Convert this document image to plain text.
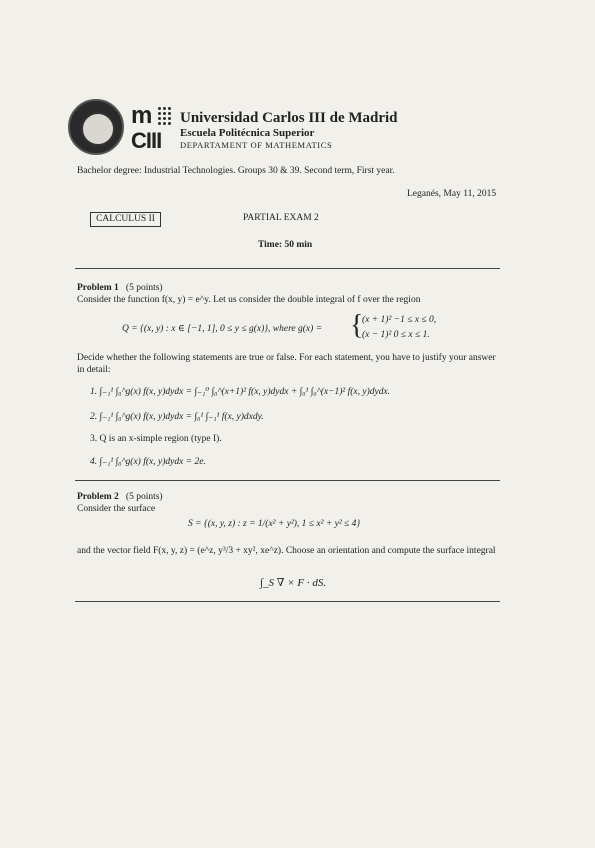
m
CIII
Universidad Carlos III de Madrid
Escuela Politécnica Superior
DEPARTAMENT OF MATHEMATICS
Bachelor degree: Industrial Technologies. Groups 30 & 39. Second term, First year.
Leganés, May 11, 2015
CALCULUS II	PARTIAL EXAM 2
Time: 50 min
Problem 1 (5 points)
Consider the function f(x, y) = e^y. Let us consider the double integral of f over the region
Q = {(x, y) : x ∈ [−1, 1], 0 ≤ y ≤ g(x)}, where g(x) = {
(x + 1)² −1 ≤ x ≤ 0,
(x − 1)² 0 ≤ x ≤ 1.
Decide whether the following statements are true or false. For each statement, you have to justify your answer in detail:
1. ∫₋₁¹ ∫₀^g(x) f(x, y)dydx = ∫₋₁⁰ ∫₀^(x+1)² f(x, y)dydx + ∫₀¹ ∫₀^(x−1)² f(x, y)dydx.
2. ∫₋₁¹ ∫₀^g(x) f(x, y)dydx = ∫₀¹ ∫₋₁¹ f(x, y)dxdy.
3. Q is an x-simple region (type I).
4. ∫₋₁¹ ∫₀^g(x) f(x, y)dydx = 2e.
Problem 2 (5 points)
Consider the surface
S = {(x, y, z) : z = 1/(x² + y²), 1 ≤ x² + y² ≤ 4}
and the vector field F(x, y, z) = (e^z, y³/3 + xy², xe^z). Choose an orientation and compute the surface integral
∫_S ∇ × F · dS.
